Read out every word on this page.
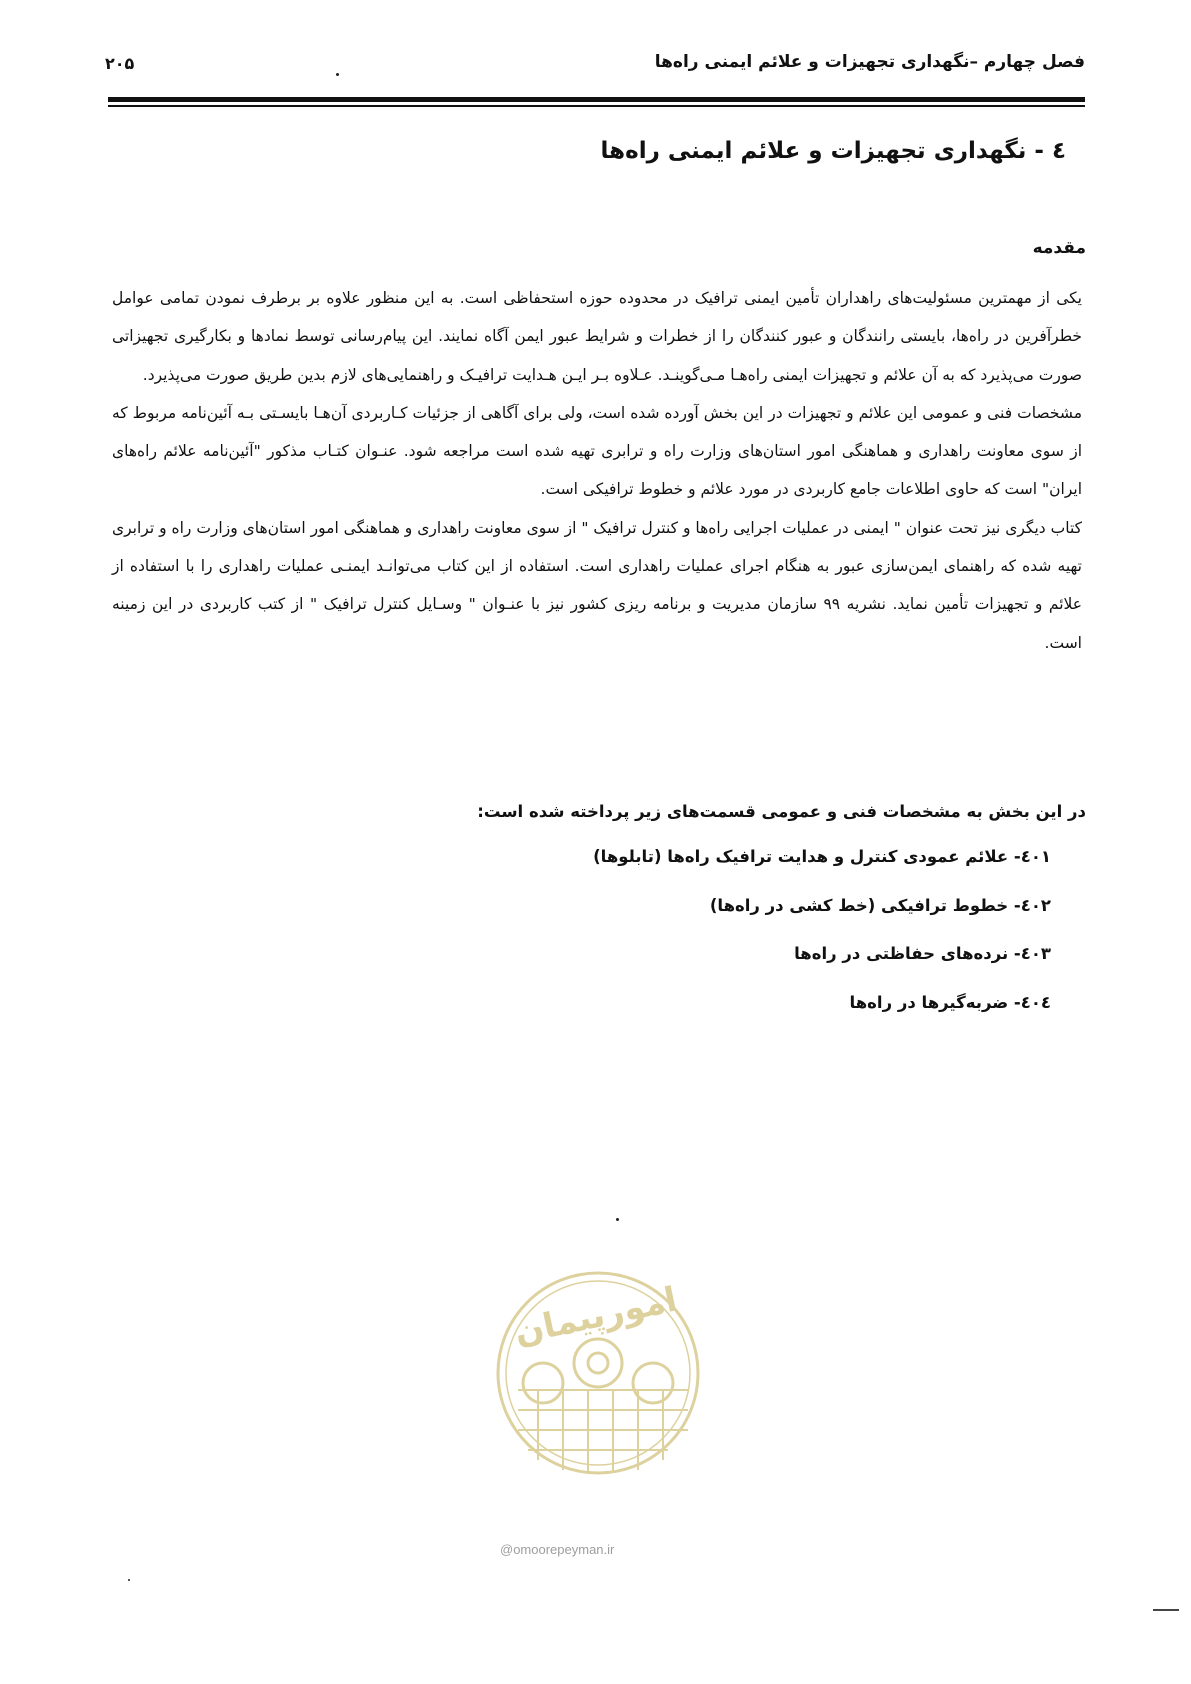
فصل چهارم –نگهداری تجهیزات و علائم ایمنی راه‌ها
۲۰۵
٤ - نگهداری تجهیزات و علائم ایمنی راه‌ها
مقدمه

یکی از مهمترین مسئولیت‌های راهداران تأمین ایمنی ترافیک در محدوده حوزه استحفاظی است. به این منظور علاوه بر برطرف نمودن تمامی عوامل خطرآفرین در راه‌ها، بایستی رانندگان و عبور کنندگان را از خطرات و شرایط عبور ایمن آگاه نمایند. این پیام‌رسانی توسط نمادها و بکارگیری تجهیزاتی صورت می‌پذیرد که به آن علائم و تجهیزات ایمنی راه‌هـا مـی‌گوینـد. عـلاوه بـر ایـن هـدایت ترافیـک و راهنمایی‌های لازم بدین طریق صورت می‌پذیرد.

مشخصات فنی و عمومی این علائم و تجهیزات در این بخش آورده شده است، ولی برای آگاهی از جزئیات کـاربردی آن‌هـا بایسـتی بـه آئین‌نامه مربوط که از سوی معاونت راهداری و هماهنگی امور استان‌های وزارت راه و ترابری تهیه شده است مراجعه شود. عنـوان کتـاب مذکور "آئین‌نامه علائم راه‌های ایران" است که حاوی اطلاعات جامع کاربردی در مورد علائم و خطوط ترافیکی است.

کتاب دیگری نیز تحت عنوان " ایمنی در عملیات اجرایی راه‌ها و کنترل ترافیک " از سوی معاونت راهداری و هماهنگی امور استان‌های وزارت راه و ترابری تهیه شده که راهنمای ایمن‌سازی عبور به هنگام اجرای عملیات راهداری است. استفاده از این کتاب می‌توانـد ایمنـی عملیات راهداری را با استفاده از علائم و تجهیزات تأمین نماید. نشریه ۹۹ سازمان مدیریت و برنامه ریزی کشور نیز با عنـوان " وسـایل کنترل ترافیک " از کتب کاربردی در این زمینه است.

در این بخش به مشخصات فنی و عمومی قسمت‌های زیر پرداخته شده است:

٤٠١- علائم عمودی کنترل و هدایت ترافیک راه‌ها (تابلوها)
٤٠٢- خطوط ترافیکی (خط کشی در راه‌ها)
٤٠٣- نرده‌های حفاظتی در راه‌ها
٤٠٤- ضربه‌گیرها در راه‌ها
امورپیمان
@omoorepeyman.ir
